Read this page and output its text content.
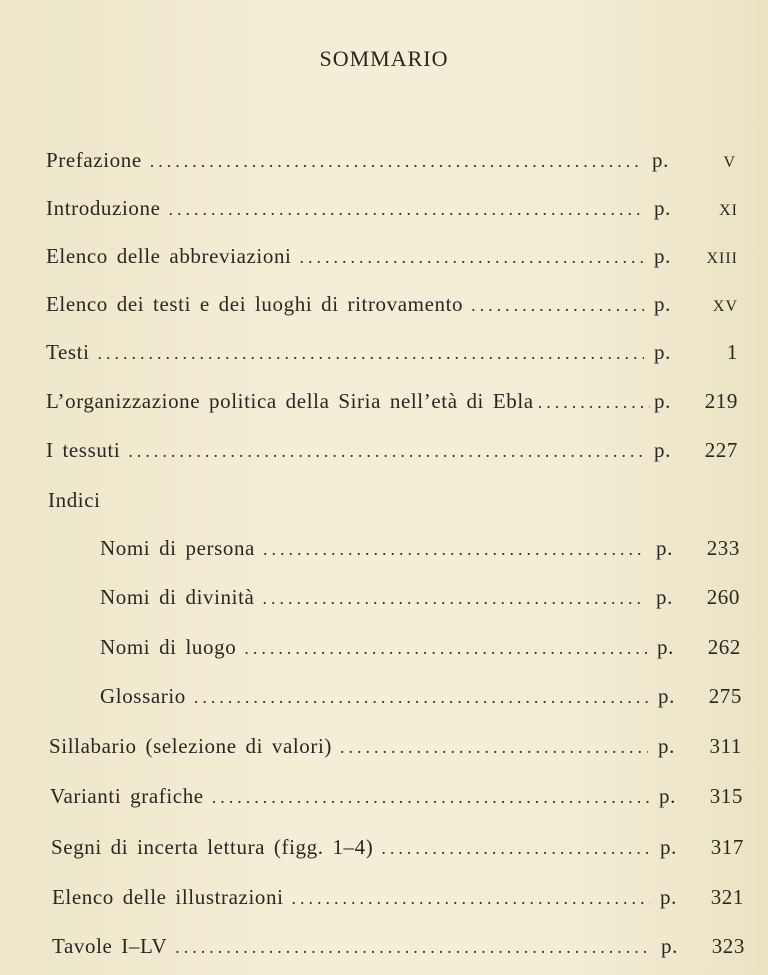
SOMMARIO
Prefazione .....	p.	V
Introduzione .....	p.	XI
Elenco delle abbreviazioni .....	p.	XIII
Elenco dei testi e dei luoghi di ritrovamento .....	p.	XV
Testi .....	p.	1
L’organizzazione politica della Siria nell’età di Ebla .....	p.	219
I tessuti .....	p.	227
Indici
Nomi di persona .....	p.	233
Nomi di divinità .....	p.	260
Nomi di luogo .....	p.	262
Glossario .....	p.	275
Sillabario (selezione di valori) .....	p.	311
Varianti grafiche .....	p.	315
Segni di incerta lettura (figg. 1–4) .....	p.	317
Elenco delle illustrazioni .....	p.	321
Tavole I–LV .....	p.	323
